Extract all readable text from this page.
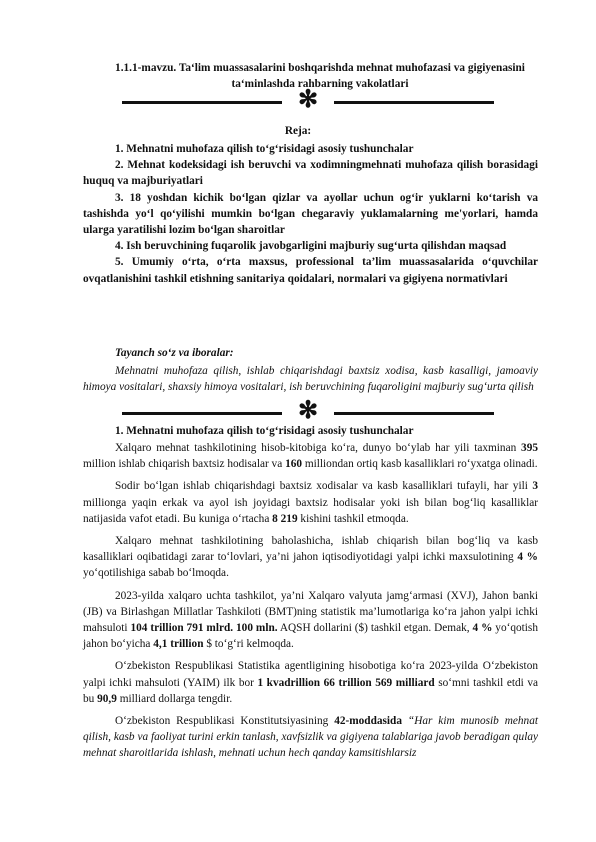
1.1.1-mavzu. Ta‘lim muassasalarini boshqarishda mehnat muhofazasi va gigiyenasini ta‘minlashda rahbarning vakolatlari
✻
Reja:

1. Mehnatni muhofaza qilish to‘g‘risidagi asosiy tushunchalar

2. Mehnat kodeksidagi ish beruvchi va xodimningmehnati muhofaza qilish borasidagi huquq va majburiyatlari

3. 18 yoshdan kichik bo‘lgan qizlar va ayollar uchun og‘ir yuklarni ko‘tarish va tashishda yo‘l qo‘yilishi mumkin bo‘lgan chegaraviy yuklamalarning me'yorlari, hamda ularga yaratilishi lozim bo‘lgan sharoitlar

4. Ish beruvchining fuqarolik javobgarligini majburiy sug‘urta qilishdan maqsad

5. Umumiy o‘rta, o‘rta maxsus, professional ta’lim muassasalarida o‘quvchilar ovqatlanishini tashkil etishning sanitariya qoidalari, normalari va gigiyena normativlari

Tayanch so‘z va iboralar:

Mehnatni muhofaza qilish, ishlab chiqarishdagi baxtsiz xodisa, kasb kasalligi, jamoaviy himoya vositalari, shaxsiy himoya vositalari, ish beruvchining fuqaroligini majburiy sug‘urta qilish

✻
1. Mehnatni muhofaza qilish to‘g‘risidagi asosiy tushunchalar

Xalqaro mehnat tashkilotining hisob-kitobiga ko‘ra, dunyo bo‘ylab har yili taxminan 395 million ishlab chiqarish baxtsiz hodisalar va 160 milliondan ortiq kasb kasalliklari ro‘yxatga olinadi.

Sodir bo‘lgan ishlab chiqarishdagi baxtsiz xodisalar va kasb kasalliklari tufayli, har yili 3 millionga yaqin erkak va ayol ish joyidagi baxtsiz hodisalar yoki ish bilan bog‘liq kasalliklar natijasida vafot etadi. Bu kuniga o‘rtacha 8 219 kishini tashkil etmoqda.

Xalqaro mehnat tashkilotining baholashicha, ishlab chiqarish bilan bog‘liq va kasb kasalliklari oqibatidagi zarar to‘lovlari, ya’ni jahon iqtisodiyotidagi yalpi ichki maxsulotining 4 % yo‘qotilishiga sabab bo‘lmoqda.

2023-yilda xalqaro uchta tashkilot, ya’ni Xalqaro valyuta jamg‘armasi (XVJ), Jahon banki (JB) va Birlashgan Millatlar Tashkiloti (BMT)ning statistik ma’lumotlariga ko‘ra jahon yalpi ichki mahsuloti 104 trillion 791 mlrd. 100 mln. AQSH dollarini ($) tashkil etgan. Demak, 4 % yo‘qotish jahon bo‘yicha 4,1 trillion $ to‘g‘ri kelmoqda.

O‘zbekiston Respublikasi Statistika agentligining hisobotiga ko‘ra 2023-yilda O‘zbekiston yalpi ichki mahsuloti (YAIM) ilk bor 1 kvadrillion 66 trillion 569 milliard so‘mni tashkil etdi va bu 90,9 milliard dollarga tengdir.

O‘zbekiston Respublikasi Konstitutsiyasining 42-moddasida “Har kim munosib mehnat qilish, kasb va faoliyat turini erkin tanlash, xavfsizlik va gigiyena talablariga javob beradigan qulay mehnat sharoitlarida ishlash, mehnati uchun hech qanday kamsitishlarsiz
